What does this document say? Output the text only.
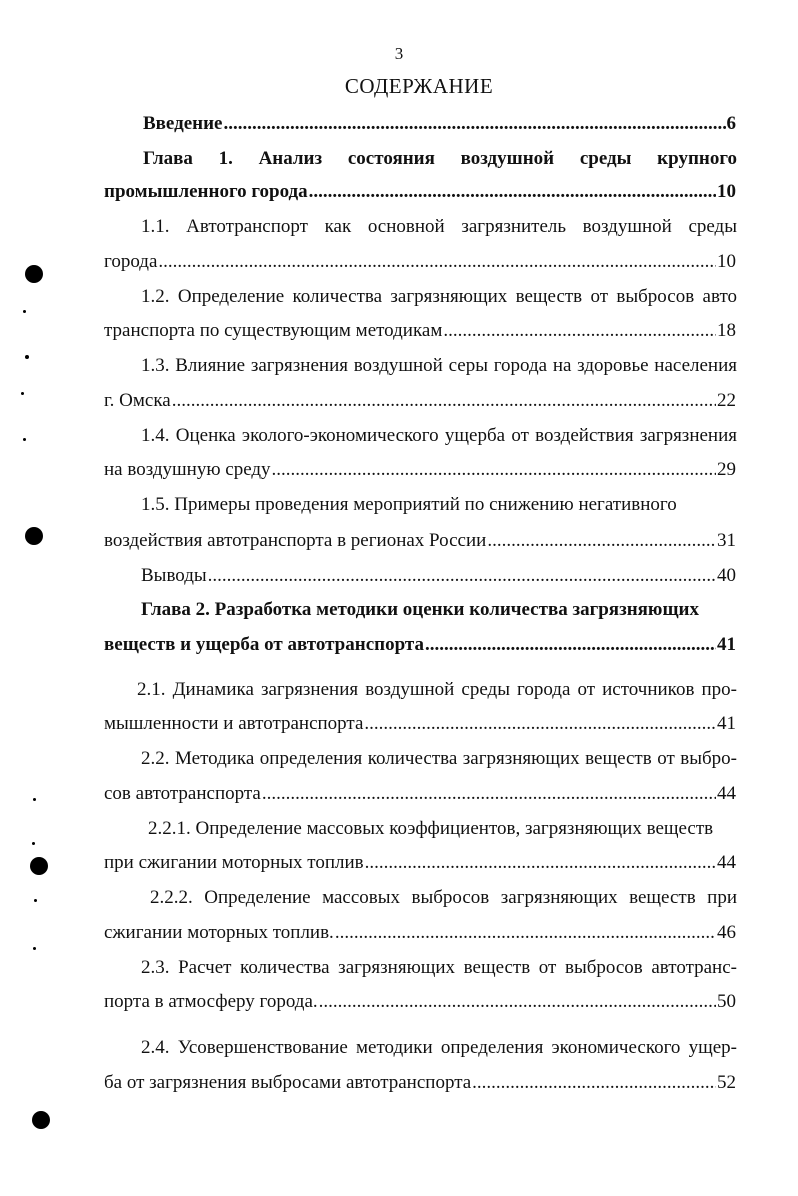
3
СОДЕРЖАНИЕ
Введение .....	6
Глава 1. Анализ состояния воздушной среды крупного
промышленного города .....	10
1.1. Автотранспорт как основной загрязнитель воздушной среды
города .....	10
1.2. Определение количества загрязняющих веществ от выбросов авто
транспорта по существующим методикам .....	18
1.3. Влияние загрязнения воздушной серы города на здоровье населения
г. Омска .....	22
1.4. Оценка эколого-экономического ущерба от воздействия загрязнения
на воздушную среду .....	29
1.5. Примеры проведения мероприятий по снижению негативного
воздействия автотранспорта в регионах России .....	31
Выводы .....	40
Глава 2. Разработка методики оценки количества загрязняющих
веществ и ущерба от автотранспорта .....	41
2.1. Динамика загрязнения воздушной среды города от источников про-
мышленности и автотранспорта .....	41
2.2. Методика определения количества загрязняющих веществ от выбро-
сов автотранспорта .....	44
2.2.1. Определение массовых коэффициентов, загрязняющих веществ
при сжигании моторных топлив .....	44
2.2.2. Определение массовых выбросов загрязняющих веществ при
сжигании моторных топлив. .....	46
2.3. Расчет количества загрязняющих веществ от выбросов автотранс-
порта в атмосферу города. .....	50
2.4. Усовершенствование методики определения экономического ущер-
ба от загрязнения выбросами автотранспорта .....	52
